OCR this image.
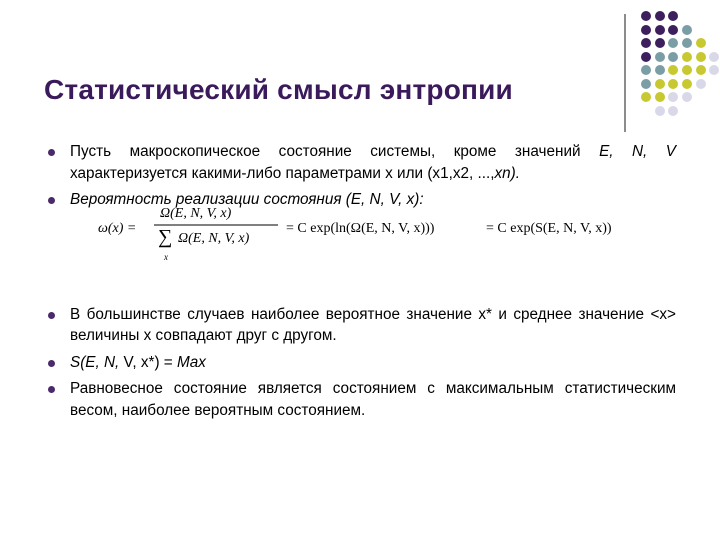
Статистический смысл энтропии
Пусть макроскопическое состояние системы, кроме значений E, N, V характеризуется какими-либо параметрами х или (х1,х2, ...,xn).
Вероятность реализации состояния (E, N, V, x):
В большинстве случаев наиболее вероятное значение х* и среднее значение <х> величины х совпадают друг с другом.
S(E, N, V, x*) = Max
Равновесное состояние является состоянием с максимальным статистическим весом, наиболее вероятным состоянием.
ω(x) =
Ω(E, N, V, x)
∑
x
Ω(E, N, V, x)
= C exp(ln(Ω(E, N, V, x)))	= C exp(S(E, N, V, x))
